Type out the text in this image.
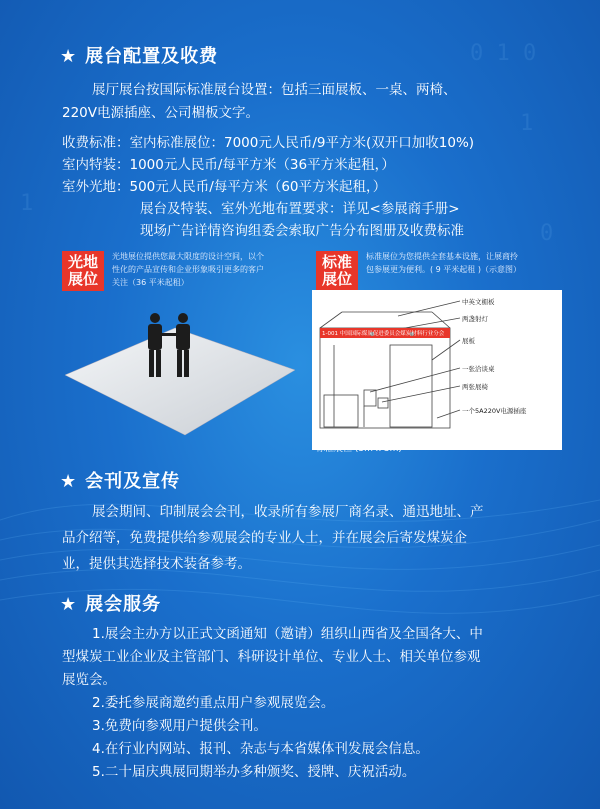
0 1 0
1
0
1
★ 展台配置及收费
展厅展台按国际标准展台设置：包括三面展板、一桌、两椅、
220V电源插座、公司楣板文字。
收费标准：室内标准展位：7000元人民币/9平方米(双开口加收10%)
室内特装：1000元人民币/每平方米（36平方米起租，）
室外光地：500元人民币/每平方米（60平方米起租，）
展台及特装、室外光地布置要求：详见<参展商手册>
现场广告详情咨询组委会索取广告分布图册及收费标准
光地
展位
光地展位提供您最大限度的设计空间，以个
性化的产品宣传和企业形象吸引更多的客户
关注（36 平米起租）
标准
展位
标准展位为您提供全套基本设施，让展商拎
包参展更为便利。( 9 平米起租 )（示意图）
1-001 中国国际煤炭促进委员会煤炭材料行业分会
中英文楣板
两盏射灯
展板
一张洽谈桌
两张展椅
一个5A220V电源插座
标准展位 (3m x 3m)
★ 会刊及宣传
展会期间、印制展会会刊，收录所有参展厂商名录、通迅地址、产
品介绍等，免费提供给参观展会的专业人士，并在展会后寄发煤炭企
业，提供其选择技术装备参考。
★ 展会服务
1.展会主办方以正式文函通知（邀请）组织山西省及全国各大、中
型煤炭工业企业及主管部门、科研设计单位、专业人士、相关单位参观
展览会。
2.委托参展商邀约重点用户参观展览会。
3.免费向参观用户提供会刊。
4.在行业内网站、报刊、杂志与本省媒体刊发展会信息。
5.二十届庆典展同期举办多种颁奖、授牌、庆祝活动。
